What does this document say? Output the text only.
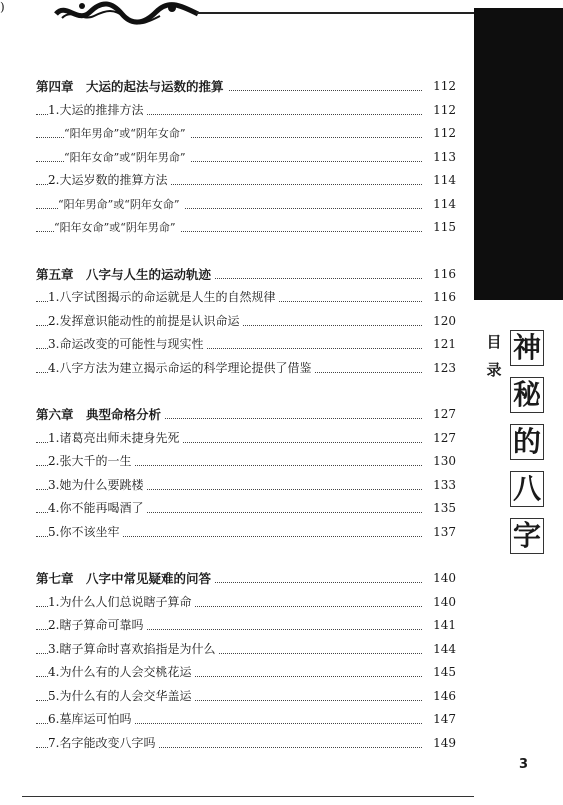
)
第四章　大运的起法与运数的推算	112
1.大运的推排方法	112
“阳年男命”或“阴年女命”	112
“阳年女命”或“阴年男命”	113
2.大运岁数的推算方法	114
“阳年男命”或“阴年女命”	114
“阳年女命”或“阴年男命”	115
第五章　八字与人生的运动轨迹	116
1.八字试图揭示的命运就是人生的自然规律	116
2.发挥意识能动性的前提是认识命运	120
3.命运改变的可能性与现实性	121
4.八字方法为建立揭示命运的科学理论提供了借鉴	123
第六章　典型命格分析	127
1.诸葛亮出师未捷身先死	127
2.张大千的一生	130
3.她为什么要跳楼	133
4.你不能再喝酒了	135
5.你不该坐牢	137
第七章　八字中常见疑难的问答	140
1.为什么人们总说瞎子算命	140
2.瞎子算命可靠吗	141
3.瞎子算命时喜欢掐指是为什么	144
4.为什么有的人会交桃花运	145
5.为什么有的人会交华盖运	146
6.墓库运可怕吗	147
7.名字能改变八字吗	149
目录
神
秘
的
八
字
3
